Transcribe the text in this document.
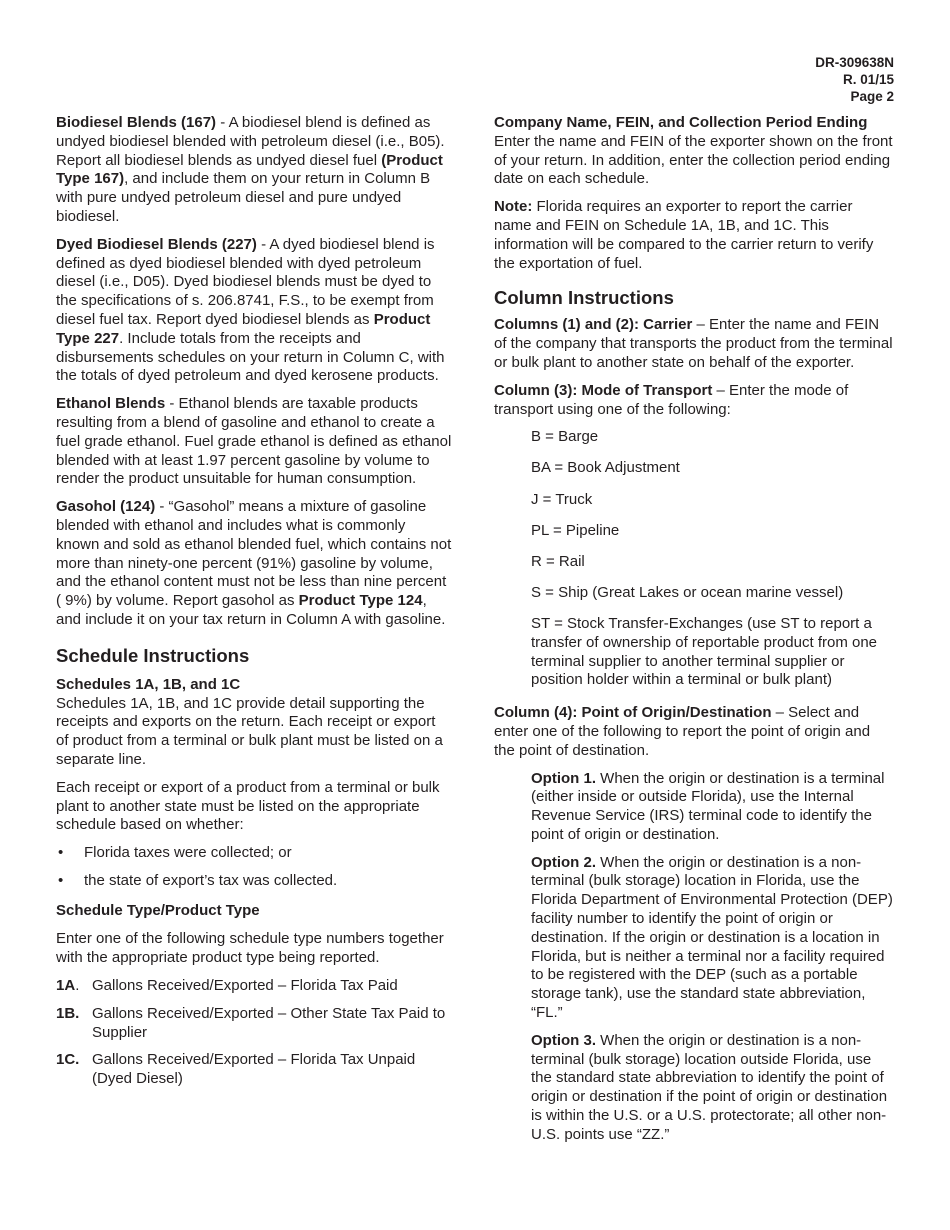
DR-309638N
R. 01/15
Page 2

Biodiesel Blends (167) - A biodiesel blend is defined as undyed biodiesel blended with petroleum diesel (i.e., B05). Report all biodiesel blends as undyed diesel fuel (Product Type 167), and include them on your return in Column B with pure undyed petroleum diesel and pure undyed biodiesel.

Dyed Biodiesel Blends (227) - A dyed biodiesel blend is defined as dyed biodiesel blended with dyed petroleum diesel (i.e., D05). Dyed biodiesel blends must be dyed to the specifications of s. 206.8741, F.S., to be exempt from diesel fuel tax. Report dyed biodiesel blends as Product Type 227. Include totals from the receipts and disbursements schedules on your return in Column C, with the totals of dyed petroleum and dyed kerosene products.

Ethanol Blends - Ethanol blends are taxable products resulting from a blend of gasoline and ethanol to create a fuel grade ethanol. Fuel grade ethanol is defined as ethanol blended with at least 1.97 percent gasoline by volume to render the product unsuitable for human consumption.

Gasohol (124) - “Gasohol” means a mixture of gasoline blended with ethanol and includes what is commonly known and sold as ethanol blended fuel, which contains not more than ninety-one percent (91%) gasoline by volume, and the ethanol content must not be less than nine percent ( 9%) by volume. Report gasohol as Product Type 124, and include it on your tax return in Column A with gasoline.

Schedule Instructions
Schedules 1A, 1B, and 1C

Schedules 1A, 1B, and 1C provide detail supporting the receipts and exports on the return. Each receipt or export of product from a terminal or bulk plant must be listed on a separate line.

Each receipt or export of a product from a terminal or bulk plant to another state must be listed on the appropriate schedule based on whether:

• Florida taxes were collected; or
• the state of export’s tax was collected.
Schedule Type/Product Type

Enter one of the following schedule type numbers together with the appropriate product type being reported.

1A. Gallons Received/Exported – Florida Tax Paid
1B. Gallons Received/Exported – Other State Tax Paid to Supplier
1C. Gallons Received/Exported – Florida Tax Unpaid (Dyed Diesel)
Company Name, FEIN, and Collection Period Ending

Enter the name and FEIN of the exporter shown on the front of your return. In addition, enter the collection period ending date on each schedule.

Note: Florida requires an exporter to report the carrier name and FEIN on Schedule 1A, 1B, and 1C. This information will be compared to the carrier return to verify the exportation of fuel.

Column Instructions

Columns (1) and (2): Carrier – Enter the name and FEIN of the company that transports the product from the terminal or bulk plant to another state on behalf of the exporter.

Column (3): Mode of Transport – Enter the mode of transport using one of the following:

B = Barge
BA = Book Adjustment
J = Truck
PL = Pipeline
R = Rail
S = Ship (Great Lakes or ocean marine vessel)
ST = Stock Transfer-Exchanges (use ST to report a transfer of ownership of reportable product from one terminal supplier to another terminal supplier or position holder within a terminal or bulk plant)

Column (4): Point of Origin/Destination – Select and enter one of the following to report the point of origin and the point of destination.

Option 1. When the origin or destination is a terminal (either inside or outside Florida), use the Internal Revenue Service (IRS) terminal code to identify the point of origin or destination.

Option 2. When the origin or destination is a non-terminal (bulk storage) location in Florida, use the Florida Department of Environmental Protection (DEP) facility number to identify the point of origin or destination. If the origin or destination is a location in Florida, but is neither a terminal nor a facility required to be registered with the DEP (such as a portable storage tank), use the standard state abbreviation, “FL.”

Option 3. When the origin or destination is a non-terminal (bulk storage) location outside Florida, use the standard state abbreviation to identify the point of origin or destination if the point of origin or destination is within the U.S. or a U.S. protectorate; all other non-U.S. points use “ZZ.”
